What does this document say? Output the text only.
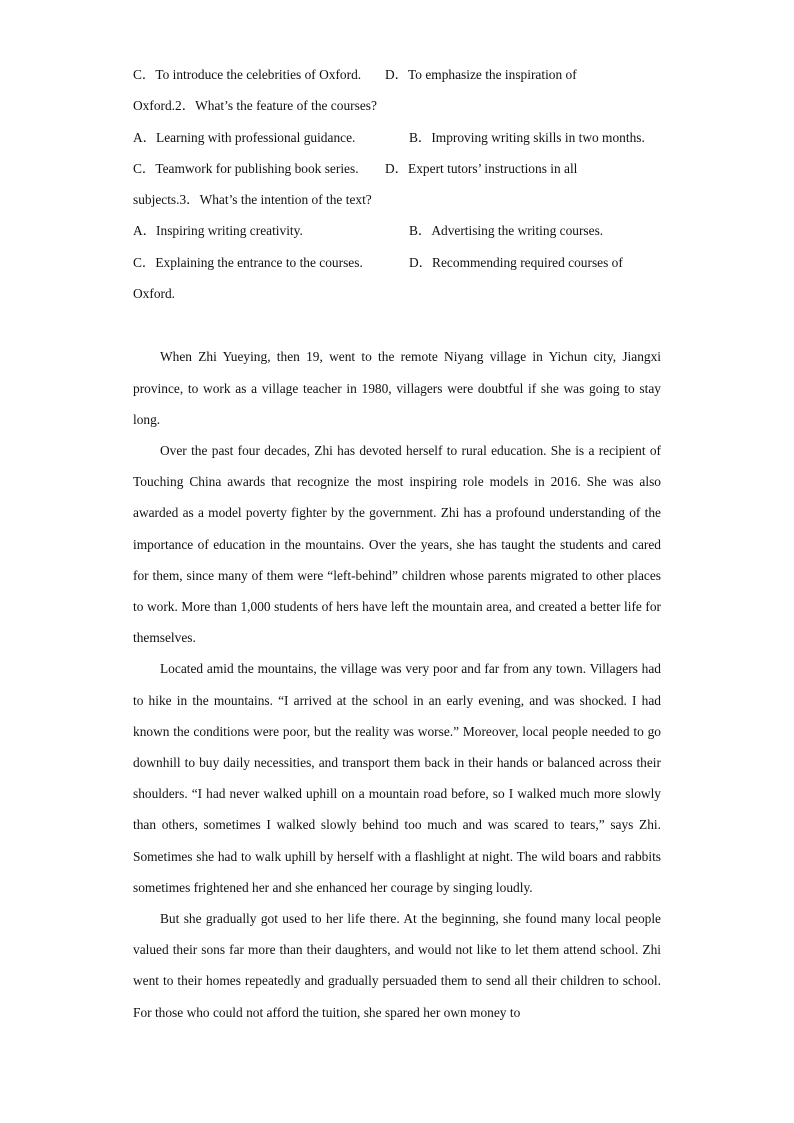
C．To introduce the celebrities of Oxford. D．To emphasize the inspiration of
Oxford.2．What’s the feature of the courses?
A．Learning with professional guidance.	B．Improving writing skills in two months.
C．Teamwork for publishing book series. D．Expert tutors’ instructions in all
subjects.3．What’s the intention of the text?
A．Inspiring writing creativity.	B．Advertising the writing courses.
C．Explaining the entrance to the courses.	D．Recommending required courses of
Oxford.

When Zhi Yueying, then 19, went to the remote Niyang village in Yichun city, Jiangxi province, to work as a village teacher in 1980, villagers were doubtful if she was going to stay long.

Over the past four decades, Zhi has devoted herself to rural education. She is a recipient of Touching China awards that recognize the most inspiring role models in 2016. She was also awarded as a model poverty fighter by the government. Zhi has a profound understanding of the importance of education in the mountains. Over the years, she has taught the students and cared for them, since many of them were “left-behind” children whose parents migrated to other places to work. More than 1,000 students of hers have left the mountain area, and created a better life for themselves.

Located amid the mountains, the village was very poor and far from any town. Villagers had to hike in the mountains. “I arrived at the school in an early evening, and was shocked. I had known the conditions were poor, but the reality was worse.” Moreover, local people needed to go downhill to buy daily necessities, and transport them back in their hands or balanced across their shoulders. “I had never walked uphill on a mountain road before, so I walked much more slowly than others, sometimes I walked slowly behind too much and was scared to tears,” says Zhi. Sometimes she had to walk uphill by herself with a flashlight at night. The wild boars and rabbits sometimes frightened her and she enhanced her courage by singing loudly.

But she gradually got used to her life there. At the beginning, she found many local people valued their sons far more than their daughters, and would not like to let them attend school. Zhi went to their homes repeatedly and gradually persuaded them to send all their children to school. For those who could not afford the tuition, she spared her own money to
